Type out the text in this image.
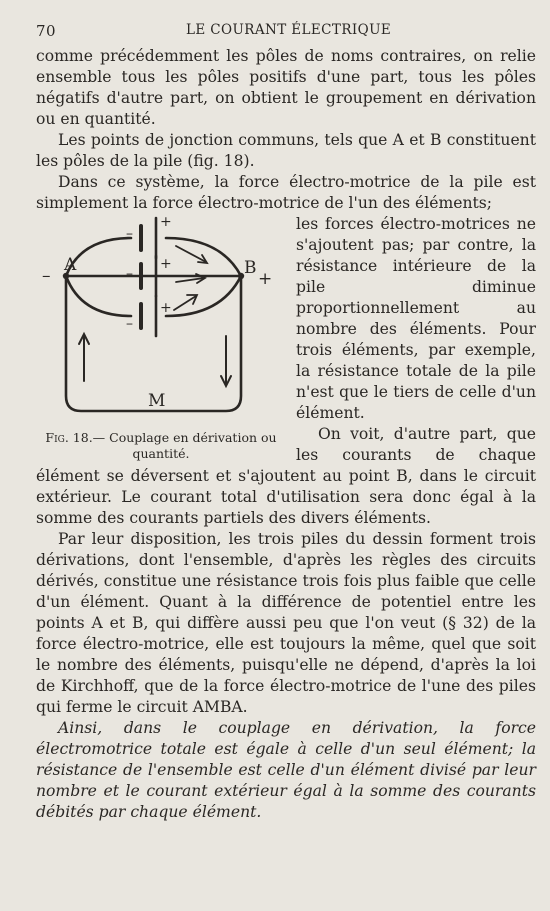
70	LE COURANT ÉLECTRIQUE

comme précédemment les pôles de noms contraires, on relie ensemble tous les pôles positifs d'une part, tous les pôles négatifs d'autre part, on obtient le groupement en dérivation ou en quantité.

Les points de jonction communs, tels que A et B constituent les pôles de la pile (fig. 18).

Dans ce système, la force électro-motrice de la pile est simplement la force électro-motrice de l'un des éléments;

A	B
M
–	+
–
+
–
+
–
+
Fig. 18.— Couplage en dérivation ou quantité.

les forces électro-motrices ne s'ajoutent pas; par contre, la résistance intérieure de la pile diminue proportionnellement au nombre des éléments. Pour trois éléments, par exemple, la résistance totale de la pile n'est que le tiers de celle d'un élément.

On voit, d'autre part, que les courants de chaque élément se déversent et s'ajoutent au point B, dans le circuit extérieur. Le courant total d'utilisation sera donc égal à la somme des courants partiels des divers éléments.

Par leur disposition, les trois piles du dessin forment trois dérivations, dont l'ensemble, d'après les règles des circuits dérivés, constitue une résistance trois fois plus faible que celle d'un élément. Quant à la différence de potentiel entre les points A et B, qui diffère aussi peu que l'on veut (§ 32) de la force électro-motrice, elle est toujours la même, quel que soit le nombre des éléments, puisqu'elle ne dépend, d'après la loi de Kirchhoff, que de la force électro-motrice de l'une des piles qui ferme le circuit AMBA.

Ainsi, dans le couplage en dérivation, la force électromotrice totale est égale à celle d'un seul élément; la résistance de l'ensemble est celle d'un élément divisé par leur nombre et le courant extérieur égal à la somme des courants débités par chaque élément.
